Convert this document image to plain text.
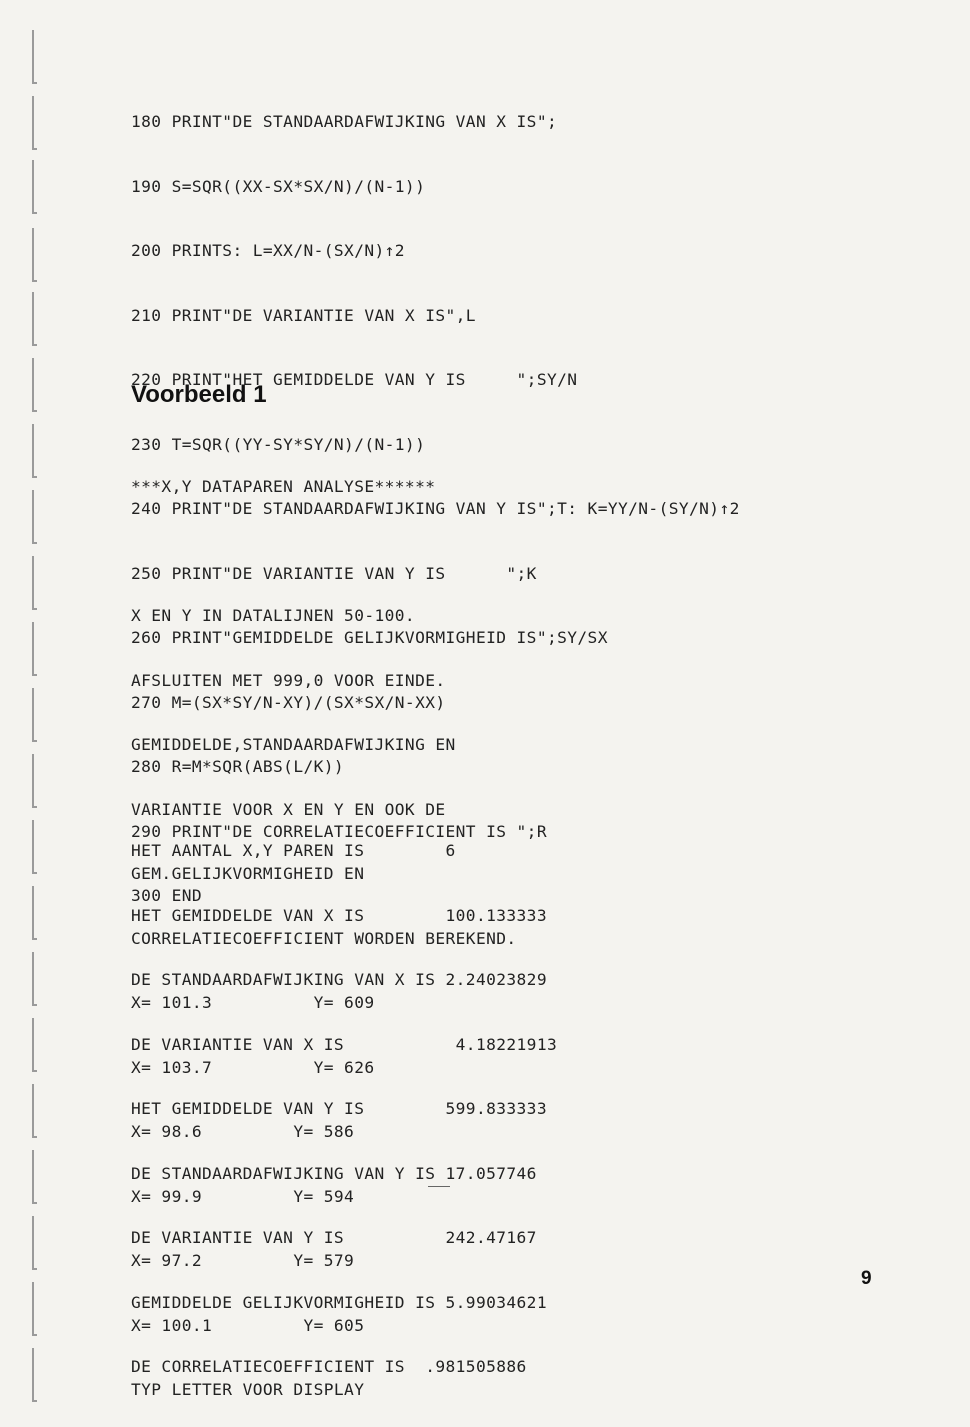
180 PRINT"DE STANDAARDAFWIJKING VAN X IS";

190 S=SQR((XX-SX*SX/N)/(N-1))

200 PRINTS: L=XX/N-(SX/N)↑2

210 PRINT"DE VARIANTIE VAN X IS",L

220 PRINT"HET GEMIDDELDE VAN Y IS     ";SY/N

230 T=SQR((YY-SY*SY/N)/(N-1))

240 PRINT"DE STANDAARDAFWIJKING VAN Y IS";T: K=YY/N-(SY/N)↑2

250 PRINT"DE VARIANTIE VAN Y IS      ";K

260 PRINT"GEMIDDELDE GELIJKVORMIGHEID IS";SY/SX

270 M=(SX*SY/N-XY)/(SX*SX/N-XX)

280 R=M*SQR(ABS(L/K))

290 PRINT"DE CORRELATIECOEFFICIENT IS ";R

300 END

Voorbeeld 1

***X,Y DATAPAREN ANALYSE******

X EN Y IN DATALIJNEN 50-100.

AFSLUITEN MET 999,0 VOOR EINDE.

GEMIDDELDE,STANDAARDAFWIJKING EN

VARIANTIE VOOR X EN Y EN OOK DE

GEM.GELIJKVORMIGHEID EN

CORRELATIECOEFFICIENT WORDEN BEREKEND.

X= 101.3          Y= 609

X= 103.7          Y= 626

X= 98.6         Y= 586

X= 99.9         Y= 594

X= 97.2         Y= 579

X= 100.1         Y= 605

TYP LETTER VOOR DISPLAY

HET AANTAL X,Y PAREN IS        6

HET GEMIDDELDE VAN X IS        100.133333

DE STANDAARDAFWIJKING VAN X IS 2.24023829

DE VARIANTIE VAN X IS           4.18221913

HET GEMIDDELDE VAN Y IS        599.833333

DE STANDAARDAFWIJKING VAN Y IS 17.057746

DE VARIANTIE VAN Y IS          242.47167

GEMIDDELDE GELIJKVORMIGHEID IS 5.99034621

DE CORRELATIECOEFFICIENT IS  .981505886

9
